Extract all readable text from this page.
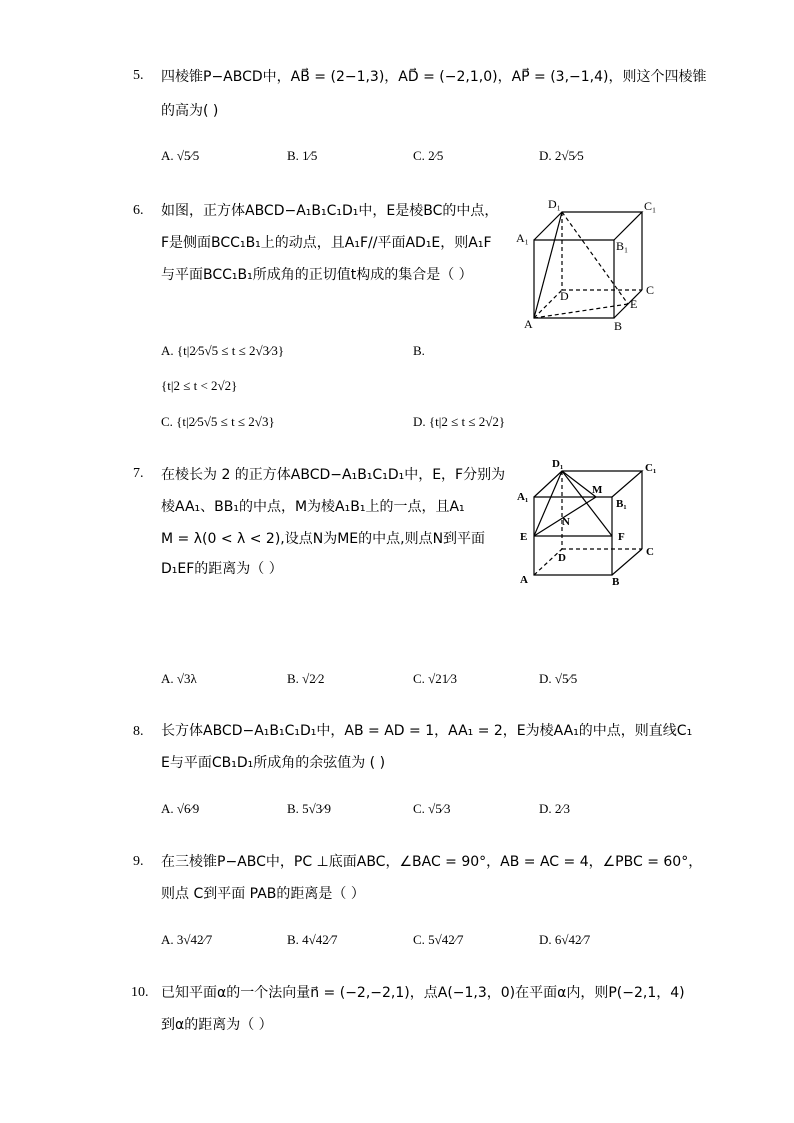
5. 四棱锥P−ABCD中，AB⃗ = (2−1,3)，AD⃗ = (−2,1,0)，AP⃗ = (3,−1,4)，则这个四棱锥
的高为( )
A. √5⁄5	B. 1⁄5	C. 2⁄5	D. 2√5⁄5
6. 如图，正方体ABCD−A₁B₁C₁D₁中，E是棱BC的中点，
F是侧面BCC₁B₁上的动点，且A₁F//平面AD₁E，则A₁F
与平面BCC₁B₁所成角的正切值t构成的集合是（ ）
D₁	C₁
A₁
B₁
D	C
E
A	B
A. {t|2⁄5√5 ≤ t ≤ 2√3⁄3}	B.
{t|2 ≤ t < 2√2}
C. {t|2⁄5√5 ≤ t ≤ 2√3}	D. {t|2 ≤ t ≤ 2√2}
7. 在棱长为 2 的正方体ABCD−A₁B₁C₁D₁中，E，F分别为
棱AA₁、BB₁的中点，M为棱A₁B₁上的一点，且A₁
M = λ(0 < λ < 2),设点N为ME的中点,则点N到平面
D₁EF的距离为（ ）
D₁	C₁
A₁
M
B₁
N
E	F
D	C
A	B
A. √3λ	B. √2⁄2	C. √21⁄3	D. √5⁄5
8. 长方体ABCD−A₁B₁C₁D₁中，AB = AD = 1，AA₁ = 2，E为棱AA₁的中点，则直线C₁
E与平面CB₁D₁所成角的余弦值为 ( )
A. √6⁄9	B. 5√3⁄9	C. √5⁄3	D. 2⁄3
9. 在三棱锥P−ABC中，PC ⊥底面ABC，∠BAC = 90°，AB = AC = 4，∠PBC = 60°，
则点 C到平面 PAB的距离是（ ）
A. 3√42⁄7	B. 4√42⁄7	C. 5√42⁄7	D. 6√42⁄7
10. 已知平面α的一个法向量n⃗ = (−2,−2,1)，点A(−1,3，0)在平面α内，则P(−2,1，4)
到α的距离为（ ）
